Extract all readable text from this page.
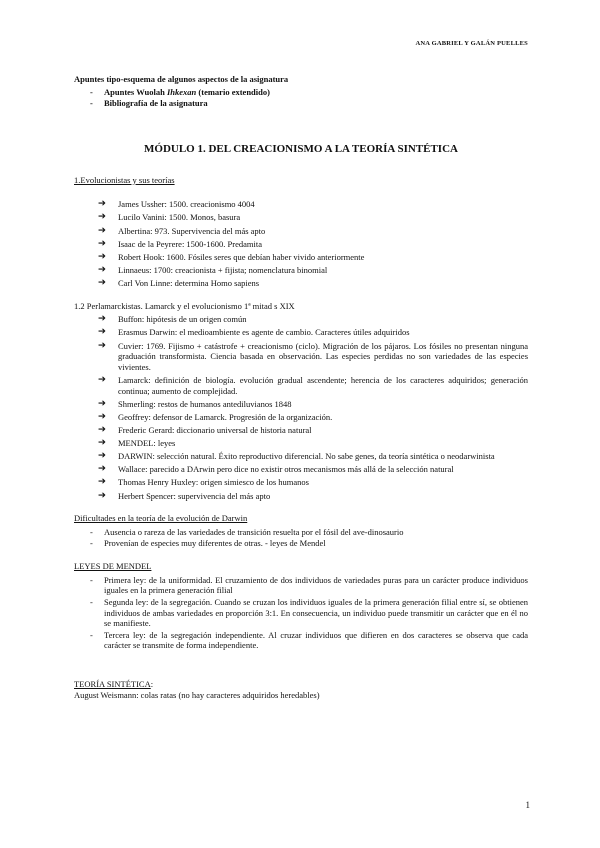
ANA GABRIEL Y GALÁN PUELLES
Apuntes tipo-esquema de algunos aspectos de la asignatura
- Apuntes Wuolah Ihkexan (temario extendido)
- Bibliografía de la asignatura
MÓDULO 1. DEL CREACIONISMO A LA TEORÍA SINTÉTICA
1.Evolucionistas y sus teorías
➔ James Ussher: 1500. creacionismo 4004
➔ Lucilo Vanini: 1500. Monos, basura
➔ Albertina: 973. Supervivencia del más apto
➔ Isaac de la Peyrere: 1500-1600. Predamita
➔ Robert Hook: 1600. Fósiles seres que debían haber vivido anteriormente
➔ Linnaeus: 1700: creacionista + fijista; nomenclatura binomial
➔ Carl Von Linne: determina Homo sapiens
1.2 Perlamarckistas. Lamarck y el evolucionismo 1ª mitad s XIX
➔ Buffon: hipótesis de un origen común
➔ Erasmus Darwin: el medioambiente es agente de cambio. Caracteres útiles adquiridos
➔ Cuvier: 1769. Fijismo + catástrofe + creacionismo (ciclo). Migración de los pájaros. Los fósiles no presentan ninguna graduación transformista. Ciencia basada en observación. Las especies perdidas no son variedades de las especies vivientes.
➔ Lamarck: definición de biología. evolución gradual ascendente; herencia de los caracteres adquiridos; generación continua; aumento de complejidad.
➔ Shmerling: restos de humanos antediluvianos 1848
➔ Geoffrey: defensor de Lamarck. Progresión de la organización.
➔ Frederic Gerard: diccionario universal de historia natural
➔ MENDEL: leyes
➔ DARWIN: selección natural. Éxito reproductivo diferencial. No sabe genes, da teoría sintética o neodarwinista
➔ Wallace: parecido a DArwin pero dice no existir otros mecanismos más allá de la selección natural
➔ Thomas Henry Huxley: origen simiesco de los humanos
➔ Herbert Spencer: supervivencia del más apto
Dificultades en la teoría de la evolución de Darwin
- Ausencia o rareza de las variedades de transición resuelta por el fósil del ave-dinosaurio
- Provenían de especies muy diferentes de otras. - leyes de Mendel
LEYES DE MENDEL
- Primera ley: de la uniformidad. El cruzamiento de dos individuos de variedades puras para un carácter produce individuos iguales en la primera generación filial
- Segunda ley: de la segregación. Cuando se cruzan los individuos iguales de la primera generación filial entre sí, se obtienen individuos de ambas variedades en proporción 3:1. En consecuencia, un individuo puede transmitir un carácter que en él no se manifieste.
- Tercera ley: de la segregación independiente. Al cruzar individuos que difieren en dos caracteres se observa que cada carácter se transmite de forma independiente.
TEORÍA SINTÉTICA:
August Weismann: colas ratas (no hay caracteres adquiridos heredables)
1
